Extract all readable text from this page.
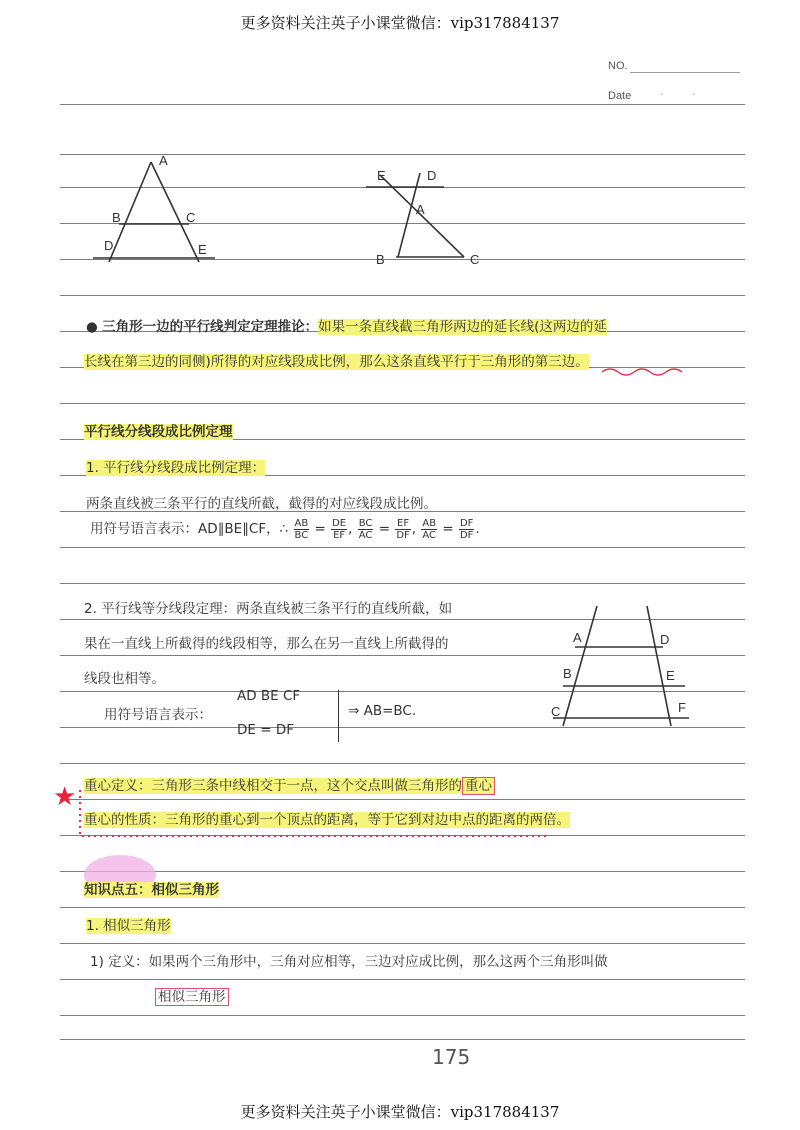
更多资料关注英子小课堂微信：vip317884137
更多资料关注英子小课堂微信：vip317884137
NO.
Date	·	·
A
B	C
D	E
E	D
A
B	C
● 三角形一边的平行线判定定理推论：如果一条直线截三角形两边的延长线(这两边的延
长线在第三边的同侧)所得的对应线段成比例，那么这条直线平行于三角形的第三边。
平行线分线段成比例定理
1. 平行线分线段成比例定理：
两条直线被三条平行的直线所截，截得的对应线段成比例。
用符号语言表示：AD∥BE∥CF，∴ $\frac{AB}{BC} = \frac{DE}{EF}$ , $\frac{BC}{AC} = \frac{EF}{DF}$ , $\frac{AB}{AC} = \frac{DF}{DF}$ .
2. 平行线等分线段定理：两条直线被三条平行的直线所截，如
果在一直线上所截得的线段相等，那么在另一直线上所截得的
线段也相等。
用符号语言表示：
AD BE CF
DE = DF
⇒ AB=BC.
A	D
B	E
C	F
★ 重心定义：三角形三条中线相交于一点，这个交点叫做三角形的 重心
重心的性质：三角形的重心到一个顶点的距离，等于它到对边中点的距离的两倍。
知识点五：相似三角形
1. 相似三角形
1) 定义：如果两个三角形中，三角对应相等，三边对应成比例，那么这两个三角形叫做
相似三角形
175
